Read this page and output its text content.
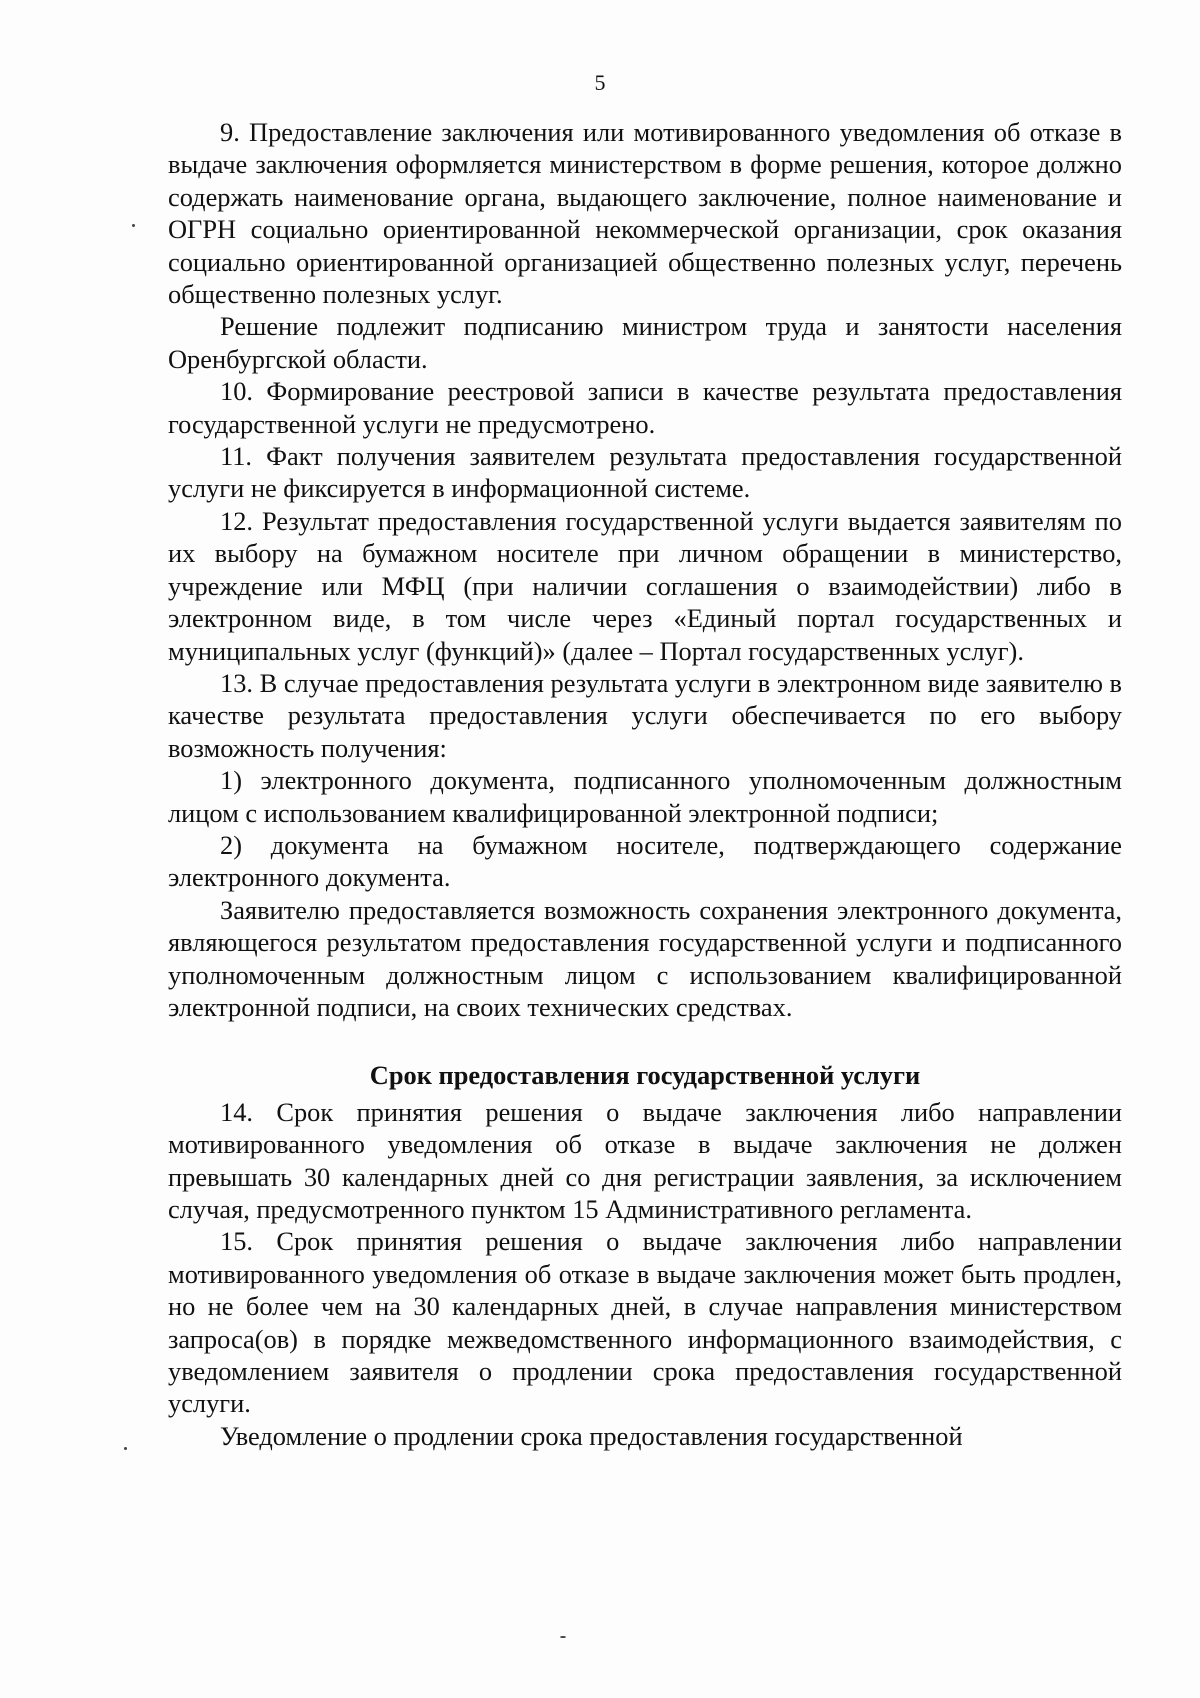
5

9. Предоставление заключения или мотивированного уведомления об отказе в выдаче заключения оформляется министерством в форме решения, которое должно содержать наименование органа, выдающего заключение, полное наименование и ОГРН социально ориентированной некоммерческой организации, срок оказания социально ориентированной организацией общественно полезных услуг, перечень общественно полезных услуг.

Решение подлежит подписанию министром труда и занятости населения Оренбургской области.

10. Формирование реестровой записи в качестве результата предоставления государственной услуги не предусмотрено.

11. Факт получения заявителем результата предоставления государственной услуги не фиксируется в информационной системе.

12. Результат предоставления государственной услуги выдается заявителям по их выбору на бумажном носителе при личном обращении в министерство, учреждение или МФЦ (при наличии соглашения о взаимодействии) либо в электронном виде, в том числе через «Единый портал государственных и муниципальных услуг (функций)» (далее – Портал государственных услуг).

13. В случае предоставления результата услуги в электронном виде заявителю в качестве результата предоставления услуги обеспечивается по его выбору возможность получения:

1) электронного документа, подписанного уполномоченным должностным лицом с использованием квалифицированной электронной подписи;

2) документа на бумажном носителе, подтверждающего содержание электронного документа.

Заявителю предоставляется возможность сохранения электронного документа, являющегося результатом предоставления государственной услуги и подписанного уполномоченным должностным лицом с использованием квалифицированной электронной подписи, на своих технических средствах.

Срок предоставления государственной услуги

14. Срок принятия решения о выдаче заключения либо направлении мотивированного уведомления об отказе в выдаче заключения не должен превышать 30 календарных дней со дня регистрации заявления, за исключением случая, предусмотренного пунктом 15 Административного регламента.

15. Срок принятия решения о выдаче заключения либо направлении мотивированного уведомления об отказе в выдаче заключения может быть продлен, но не более чем на 30 календарных дней, в случае направления министерством запроса(ов) в порядке межведомственного информационного взаимодействия, с уведомлением заявителя о продлении срока предоставления государственной услуги.

Уведомление о продлении срока предоставления государственной
